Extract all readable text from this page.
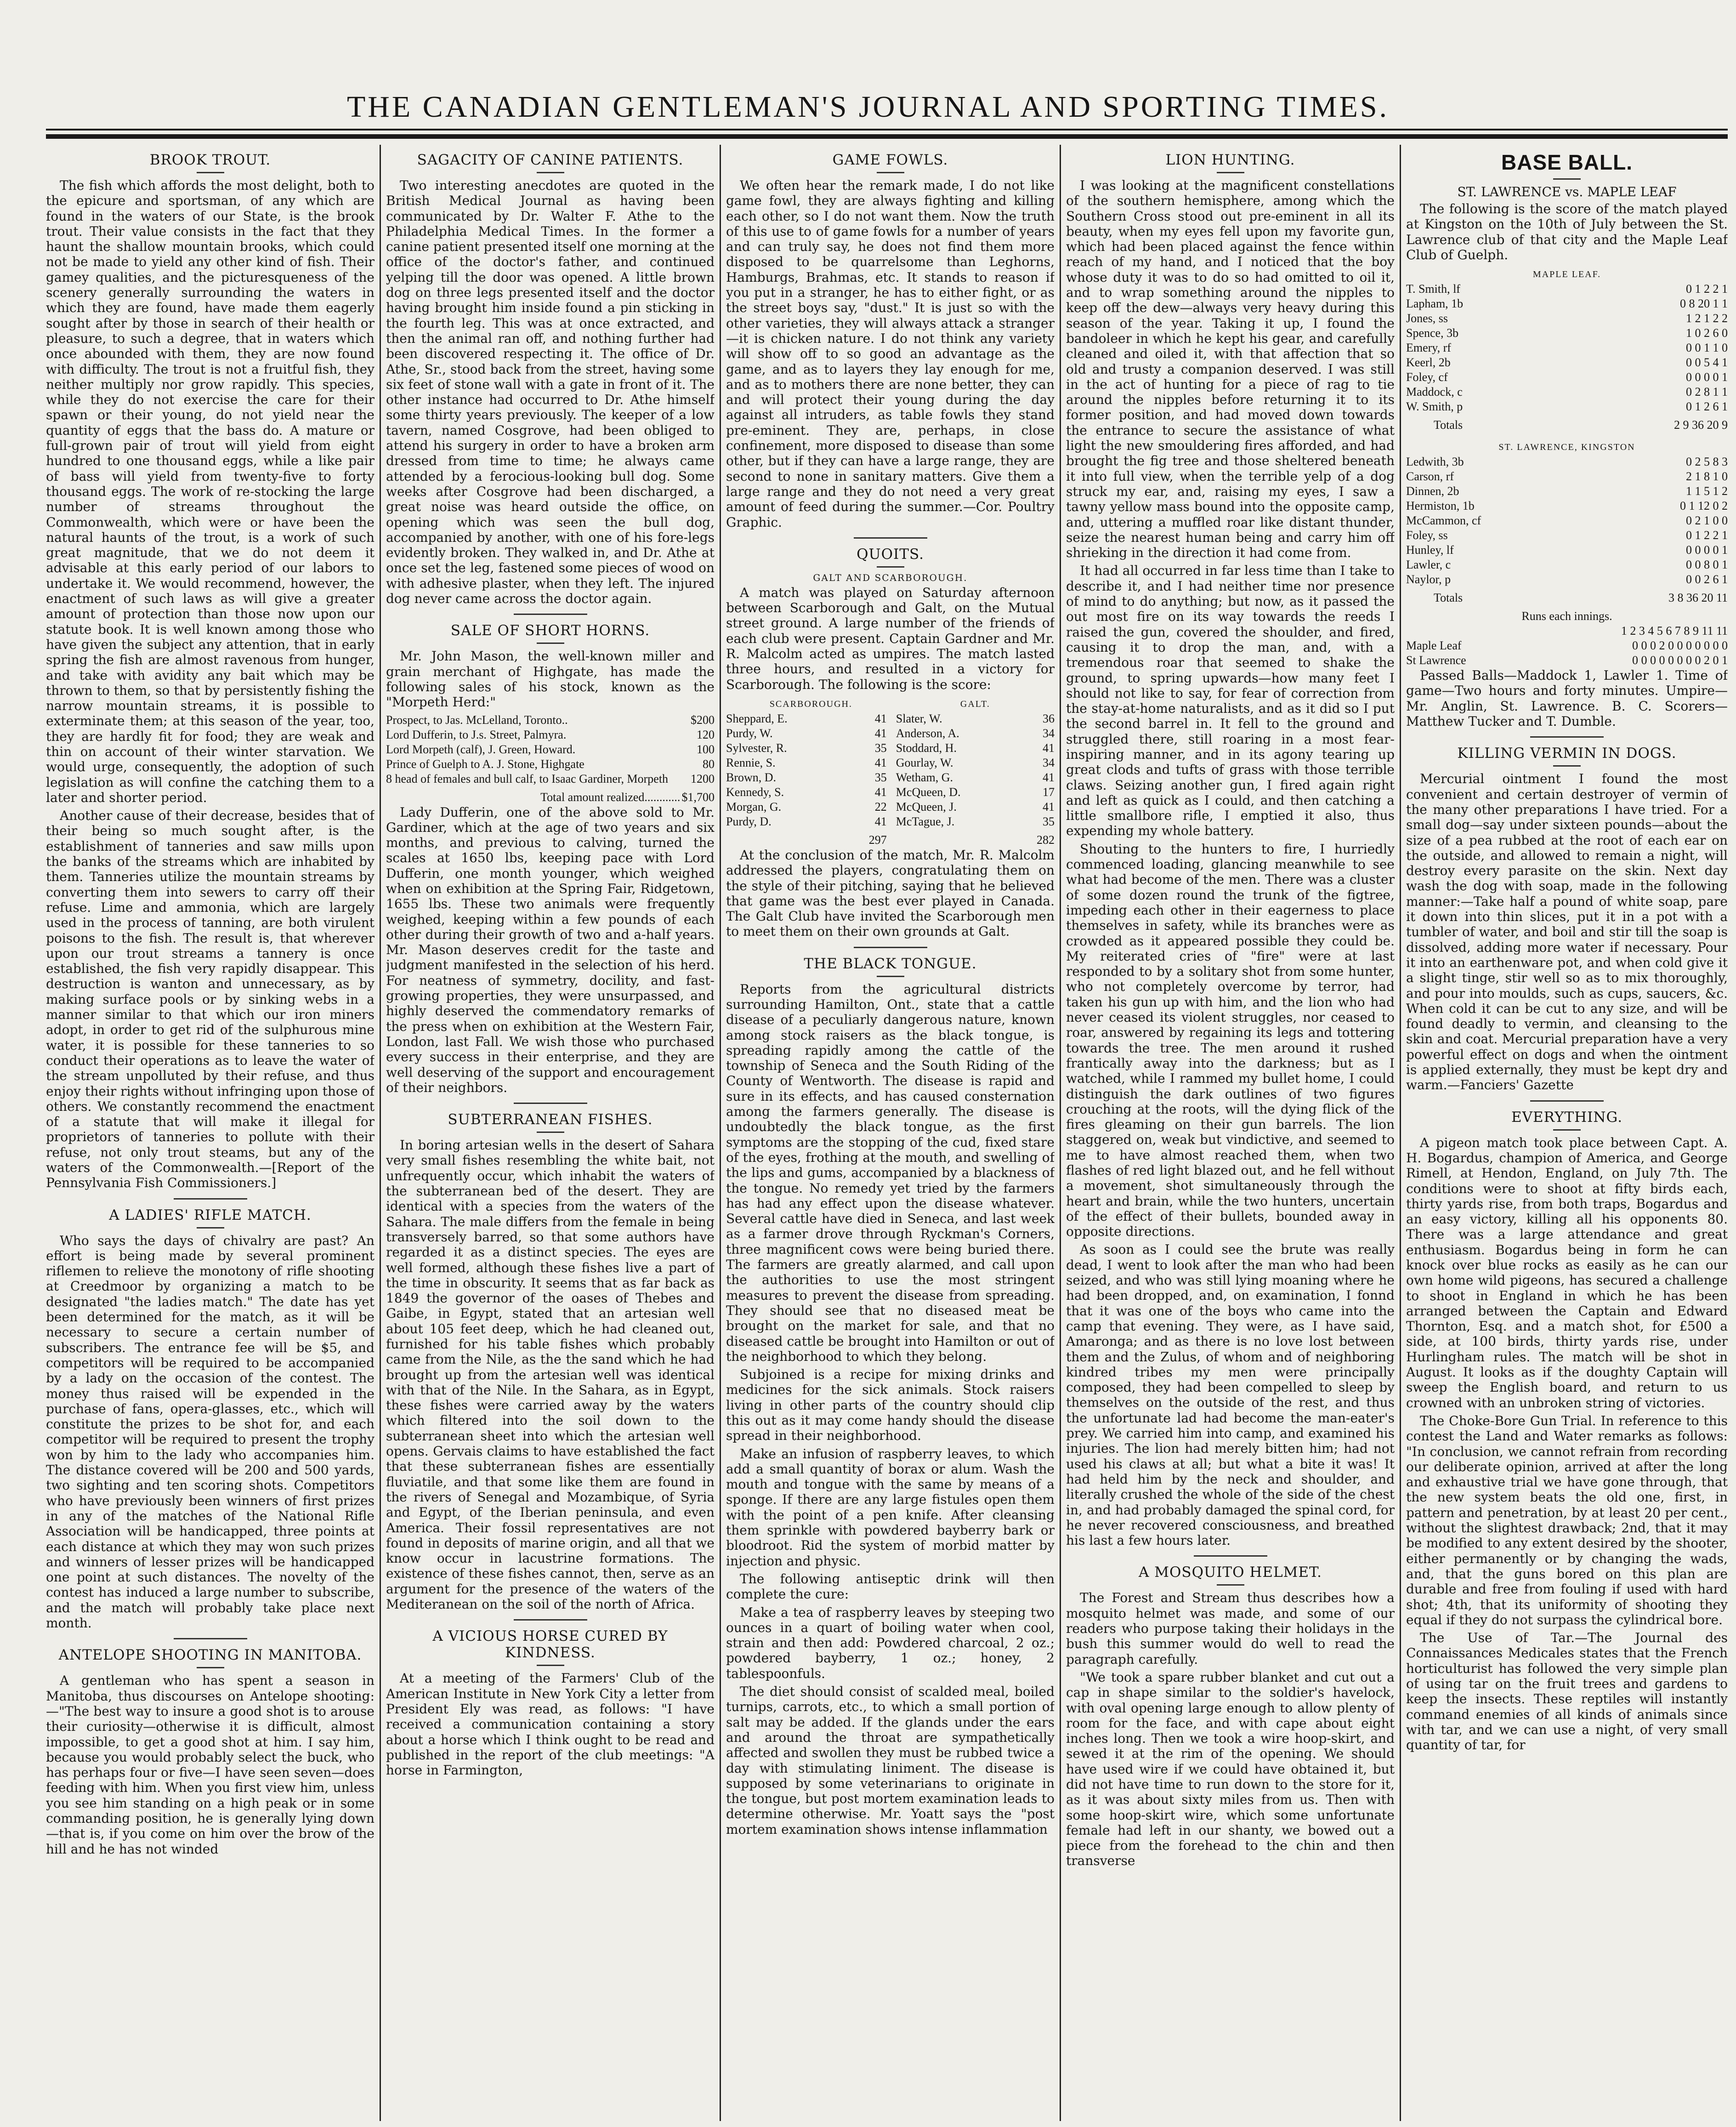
THE CANADIAN GENTLEMAN'S JOURNAL AND SPORTING TIMES.
BROOK TROUT.

The fish which affords the most delight, both to the epicure and sportsman, of any which are found in the waters of our State, is the brook trout. Their value consists in the fact that they haunt the shallow mountain brooks, which could not be made to yield any other kind of fish. Their gamey qualities, and the picturesqueness of the scenery generally surrounding the waters in which they are found, have made them eagerly sought after by those in search of their health or pleasure, to such a degree, that in waters which once abounded with them, they are now found with difficulty. The trout is not a fruitful fish, they neither multiply nor grow rapidly. This species, while they do not exercise the care for their spawn or their young, do not yield near the quantity of eggs that the bass do. A mature or full-grown pair of trout will yield from eight hundred to one thousand eggs, while a like pair of bass will yield from twenty-five to forty thousand eggs. The work of re-stocking the large number of streams throughout the Commonwealth, which were or have been the natural haunts of the trout, is a work of such great magnitude, that we do not deem it advisable at this early period of our labors to undertake it. We would recommend, however, the enactment of such laws as will give a greater amount of protection than those now upon our statute book. It is well known among those who have given the subject any attention, that in early spring the fish are almost ravenous from hunger, and take with avidity any bait which may be thrown to them, so that by persistently fishing the narrow mountain streams, it is possible to exterminate them; at this season of the year, too, they are hardly fit for food; they are weak and thin on account of their winter starvation. We would urge, consequently, the adoption of such legislation as will confine the catching them to a later and shorter period.

Another cause of their decrease, besides that of their being so much sought after, is the establishment of tanneries and saw mills upon the banks of the streams which are inhabited by them. Tanneries utilize the mountain streams by converting them into sewers to carry off their refuse. Lime and ammonia, which are largely used in the process of tanning, are both virulent poisons to the fish. The result is, that wherever upon our trout streams a tannery is once established, the fish very rapidly disappear. This destruction is wanton and unnecessary, as by making surface pools or by sinking webs in a manner similar to that which our iron miners adopt, in order to get rid of the sulphurous mine water, it is possible for these tanneries to so conduct their operations as to leave the water of the stream unpolluted by their refuse, and thus enjoy their rights without infringing upon those of others. We constantly recommend the enactment of a statute that will make it illegal for proprietors of tanneries to pollute with their refuse, not only trout steams, but any of the waters of the Commonwealth.—[Report of the Pennsylvania Fish Commissioners.]

A LADIES' RIFLE MATCH.

Who says the days of chivalry are past? An effort is being made by several prominent riflemen to relieve the monotony of rifle shooting at Creedmoor by organizing a match to be designated "the ladies match." The date has yet been determined for the match, as it will be necessary to secure a certain number of subscribers. The entrance fee will be $5, and competitors will be required to be accompanied by a lady on the occasion of the contest. The money thus raised will be expended in the purchase of fans, opera-glasses, etc., which will constitute the prizes to be shot for, and each competitor will be required to present the trophy won by him to the lady who accompanies him. The distance covered will be 200 and 500 yards, two sighting and ten scoring shots. Competitors who have previously been winners of first prizes in any of the matches of the National Rifle Association will be handicapped, three points at each distance at which they may won such prizes and winners of lesser prizes will be handicapped one point at such distances. The novelty of the contest has induced a large number to subscribe, and the match will probably take place next month.

ANTELOPE SHOOTING IN MANITOBA.

A gentleman who has spent a season in Manitoba, thus discourses on Antelope shooting:—"The best way to insure a good shot is to arouse their curiosity—otherwise it is difficult, almost impossible, to get a good shot at him. I say him, because you would probably select the buck, who has perhaps four or five—I have seen seven—does feeding with him. When you first view him, unless you see him standing on a high peak or in some commanding position, he is generally lying down—that is, if you come on him over the brow of the hill and he has not winded

SAGACITY OF CANINE PATIENTS.

Two interesting anecdotes are quoted in the British Medical Journal as having been communicated by Dr. Walter F. Athe to the Philadelphia Medical Times. In the former a canine patient presented itself one morning at the office of the doctor's father, and continued yelping till the door was opened. A little brown dog on three legs presented itself and the doctor having brought him inside found a pin sticking in the fourth leg. This was at once extracted, and then the animal ran off, and nothing further had been discovered respecting it. The office of Dr. Athe, Sr., stood back from the street, having some six feet of stone wall with a gate in front of it. The other instance had occurred to Dr. Athe himself some thirty years previously. The keeper of a low tavern, named Cosgrove, had been obliged to attend his surgery in order to have a broken arm dressed from time to time; he always came attended by a ferocious-looking bull dog. Some weeks after Cosgrove had been discharged, a great noise was heard outside the office, on opening which was seen the bull dog, accompanied by another, with one of his fore-legs evidently broken. They walked in, and Dr. Athe at once set the leg, fastened some pieces of wood on with adhesive plaster, when they left. The injured dog never came across the doctor again.

SALE OF SHORT HORNS.

Mr. John Mason, the well-known miller and grain merchant of Highgate, has made the following sales of his stock, known as the "Morpeth Herd:"

Prospect, to Jas. McLelland, Toronto..	$200
Lord Dufferin, to J.s. Street, Palmyra.	120
Lord Morpeth (calf), J. Green, Howard.	100
Prince of Guelph to A. J. Stone, Highgate	80
8 head of females and bull calf, to Isaac Gardiner, Morpeth	1200
Total amount realized............	$1,700

Lady Dufferin, one of the above sold to Mr. Gardiner, which at the age of two years and six months, and previous to calving, turned the scales at 1650 lbs, keeping pace with Lord Dufferin, one month younger, which weighed when on exhibition at the Spring Fair, Ridgetown, 1655 lbs. These two animals were frequently weighed, keeping within a few pounds of each other during their growth of two and a-half years. Mr. Mason deserves credit for the taste and judgment manifested in the selection of his herd. For neatness of symmetry, docility, and fast-growing properties, they were unsurpassed, and highly deserved the commendatory remarks of the press when on exhibition at the Western Fair, London, last Fall. We wish those who purchased every success in their enterprise, and they are well deserving of the support and encouragement of their neighbors.

SUBTERRANEAN FISHES.

In boring artesian wells in the desert of Sahara very small fishes resembling the white bait, not unfrequently occur, which inhabit the waters of the subterranean bed of the desert. They are identical with a species from the waters of the Sahara. The male differs from the female in being transversely barred, so that some authors have regarded it as a distinct species. The eyes are well formed, although these fishes live a part of the time in obscurity. It seems that as far back as 1849 the governor of the oases of Thebes and Gaibe, in Egypt, stated that an artesian well about 105 feet deep, which he had cleaned out, furnished for his table fishes which probably came from the Nile, as the the sand which he had brought up from the artesian well was identical with that of the Nile. In the Sahara, as in Egypt, these fishes were carried away by the waters which filtered into the soil down to the subterranean sheet into which the artesian well opens. Gervais claims to have established the fact that these subterranean fishes are essentially fluviatile, and that some like them are found in the rivers of Senegal and Mozambique, of Syria and Egypt, of the Iberian peninsula, and even America. Their fossil representatives are not found in deposits of marine origin, and all that we know occur in lacustrine formations. The existence of these fishes cannot, then, serve as an argument for the presence of the waters of the Mediteranean on the soil of the north of Africa.

A VICIOUS HORSE CURED BY KINDNESS.

At a meeting of the Farmers' Club of the American Institute in New York City a letter from President Ely was read, as follows: "I have received a communication containing a story about a horse which I think ought to be read and published in the report of the club meetings: "A horse in Farmington,

GAME FOWLS.

We often hear the remark made, I do not like game fowl, they are always fighting and killing each other, so I do not want them. Now the truth of this use to of game fowls for a number of years and can truly say, he does not find them more disposed to be quarrelsome than Leghorns, Hamburgs, Brahmas, etc. It stands to reason if you put in a stranger, he has to either fight, or as the street boys say, "dust." It is just so with the other varieties, they will always attack a stranger—it is chicken nature. I do not think any variety will show off to so good an advantage as the game, and as to layers they lay enough for me, and as to mothers there are none better, they can and will protect their young during the day against all intruders, as table fowls they stand pre-eminent. They are, perhaps, in close confinement, more disposed to disease than some other, but if they can have a large range, they are second to none in sanitary matters. Give them a large range and they do not need a very great amount of feed during the summer.—Cor. Poultry Graphic.

QUOITS.
GALT AND SCARBOROUGH.

A match was played on Saturday afternoon between Scarborough and Galt, on the Mutual street ground. A large number of the friends of each club were present. Captain Gardner and Mr. R. Malcolm acted as umpires. The match lasted three hours, and resulted in a victory for Scarborough. The following is the score:

SCARBOROUGH.		GALT.	
Sheppard, E.	41	Slater, W.	36
Purdy, W.	41	Anderson, A.	34
Sylvester, R.	35	Stoddard, H.	41
Rennie, S.	41	Gourlay, W.	34
Brown, D.	35	Wetham, G.	41
Kennedy, S.	41	McQueen, D.	17
Morgan, G.	22	McQueen, J.	41
Purdy, D.	41	McTague, J.	35
	297		282

At the conclusion of the match, Mr. R. Malcolm addressed the players, congratulating them on the style of their pitching, saying that he believed that game was the best ever played in Canada. The Galt Club have invited the Scarborough men to meet them on their own grounds at Galt.

THE BLACK TONGUE.

Reports from the agricultural districts surrounding Hamilton, Ont., state that a cattle disease of a peculiarly dangerous nature, known among stock raisers as the black tongue, is spreading rapidly among the cattle of the township of Seneca and the South Riding of the County of Wentworth. The disease is rapid and sure in its effects, and has caused consternation among the farmers generally. The disease is undoubtedly the black tongue, as the first symptoms are the stopping of the cud, fixed stare of the eyes, frothing at the mouth, and swelling of the lips and gums, accompanied by a blackness of the tongue. No remedy yet tried by the farmers has had any effect upon the disease whatever. Several cattle have died in Seneca, and last week as a farmer drove through Ryckman's Corners, three magnificent cows were being buried there. The farmers are greatly alarmed, and call upon the authorities to use the most stringent measures to prevent the disease from spreading. They should see that no diseased meat be brought on the market for sale, and that no diseased cattle be brought into Hamilton or out of the neighborhood to which they belong.

Subjoined is a recipe for mixing drinks and medicines for the sick animals. Stock raisers living in other parts of the country should clip this out as it may come handy should the disease spread in their neighborhood.

Make an infusion of raspberry leaves, to which add a small quantity of borax or alum. Wash the mouth and tongue with the same by means of a sponge. If there are any large fistules open them with the point of a pen knife. After cleansing them sprinkle with powdered bayberry bark or bloodroot. Rid the system of morbid matter by injection and physic.

The following antiseptic drink will then complete the cure:

Make a tea of raspberry leaves by steeping two ounces in a quart of boiling water when cool, strain and then add: Powdered charcoal, 2 oz.; powdered bayberry, 1 oz.; honey, 2 tablespoonfuls.

The diet should consist of scalded meal, boiled turnips, carrots, etc., to which a small portion of salt may be added. If the glands under the ears and around the throat are sympathetically affected and swollen they must be rubbed twice a day with stimulating liniment. The disease is supposed by some veterinarians to originate in the tongue, but post mortem examination leads to determine otherwise. Mr. Yoatt says the "post mortem examination shows intense inflammation

LION HUNTING.

I was looking at the magnificent constellations of the southern hemisphere, among which the Southern Cross stood out pre-eminent in all its beauty, when my eyes fell upon my favorite gun, which had been placed against the fence within reach of my hand, and I noticed that the boy whose duty it was to do so had omitted to oil it, and to wrap something around the nipples to keep off the dew—always very heavy during this season of the year. Taking it up, I found the bandoleer in which he kept his gear, and carefully cleaned and oiled it, with that affection that so old and trusty a companion deserved. I was still in the act of hunting for a piece of rag to tie around the nipples before returning it to its former position, and had moved down towards the entrance to secure the assistance of what light the new smouldering fires afforded, and had brought the fig tree and those sheltered beneath it into full view, when the terrible yelp of a dog struck my ear, and, raising my eyes, I saw a tawny yellow mass bound into the opposite camp, and, uttering a muffled roar like distant thunder, seize the nearest human being and carry him off shrieking in the direction it had come from.

It had all occurred in far less time than I take to describe it, and I had neither time nor presence of mind to do anything; but now, as it passed the out most fire on its way towards the reeds I raised the gun, covered the shoulder, and fired, causing it to drop the man, and, with a tremendous roar that seemed to shake the ground, to spring upwards—how many feet I should not like to say, for fear of correction from the stay-at-home naturalists, and as it did so I put the second barrel in. It fell to the ground and struggled there, still roaring in a most fear-inspiring manner, and in its agony tearing up great clods and tufts of grass with those terrible claws. Seizing another gun, I fired again right and left as quick as I could, and then catching a little smallbore rifle, I emptied it also, thus expending my whole battery.

Shouting to the hunters to fire, I hurriedly commenced loading, glancing meanwhile to see what had become of the men. There was a cluster of some dozen round the trunk of the figtree, impeding each other in their eagerness to place themselves in safety, while its branches were as crowded as it appeared possible they could be. My reiterated cries of "fire" were at last responded to by a solitary shot from some hunter, who not completely overcome by terror, had taken his gun up with him, and the lion who had never ceased its violent struggles, nor ceased to roar, answered by regaining its legs and tottering towards the tree. The men around it rushed frantically away into the darkness; but as I watched, while I rammed my bullet home, I could distinguish the dark outlines of two figures crouching at the roots, will the dying flick of the fires gleaming on their gun barrels. The lion staggered on, weak but vindictive, and seemed to me to have almost reached them, when two flashes of red light blazed out, and he fell without a movement, shot simultaneously through the heart and brain, while the two hunters, uncertain of the effect of their bullets, bounded away in opposite directions.

As soon as I could see the brute was really dead, I went to look after the man who had been seized, and who was still lying moaning where he had been dropped, and, on examination, I fonnd that it was one of the boys who came into the camp that evening. They were, as I have said, Amaronga; and as there is no love lost between them and the Zulus, of whom and of neighboring kindred tribes my men were principally composed, they had been compelled to sleep by themselves on the outside of the rest, and thus the unfortunate lad had become the man-eater's prey. We carried him into camp, and examined his injuries. The lion had merely bitten him; had not used his claws at all; but what a bite it was! It had held him by the neck and shoulder, and literally crushed the whole of the side of the chest in, and had probably damaged the spinal cord, for he never recovered consciousness, and breathed his last a few hours later.

A MOSQUITO HELMET.

The Forest and Stream thus describes how a mosquito helmet was made, and some of our readers who purpose taking their holidays in the bush this summer would do well to read the paragraph carefully.

"We took a spare rubber blanket and cut out a cap in shape similar to the soldier's havelock, with oval opening large enough to allow plenty of room for the face, and with cape about eight inches long. Then we took a wire hoop-skirt, and sewed it at the rim of the opening. We should have used wire if we could have obtained it, but did not have time to run down to the store for it, as it was about sixty miles from us. Then with some hoop-skirt wire, which some unfortunate female had left in our shanty, we bowed out a piece from the forehead to the chin and then transverse

BASE BALL.
ST. LAWRENCE vs. MAPLE LEAF

The following is the score of the match played at Kingston on the 10th of July between the St. Lawrence club of that city and the Maple Leaf Club of Guelph.

MAPLE LEAF.	
T. Smith, lf	0 1 2 2 1
Lapham, 1b	0 8 20 1 1
Jones, ss	1 2 1 2 2
Spence, 3b	1 0 2 6 0
Emery, rf	0 0 1 1 0
Keerl, 2b	0 0 5 4 1
Foley, cf	0 0 0 0 1
Maddock, c	0 2 8 1 1
W. Smith, p	0 1 2 6 1
Totals	2 9 36 20 9
ST. LAWRENCE, KINGSTON	
Ledwith, 3b	0 2 5 8 3
Carson, rf	2 1 8 1 0
Dinnen, 2b	1 1 5 1 2
Hermiston, 1b	0 1 12 0 2
McCammon, cf	0 2 1 0 0
Foley, ss	0 1 2 2 1
Hunley, lf	0 0 0 0 1
Lawler, c	0 0 8 0 1
Naylor, p	0 0 2 6 1
Totals	3 8 36 20 11
Runs each innings.	
	1 2 3 4 5 6 7 8 9 11 11
Maple Leaf	0 0 0 2 0 0 0 0 0 0 0
St Lawrence	0 0 0 0 0 0 0 0 2 0 1

Passed Balls—Maddock 1, Lawler 1. Time of game—Two hours and forty minutes. Umpire—Mr. Anglin, St. Lawrence. B. C. Scorers—Matthew Tucker and T. Dumble.

KILLING VERMIN IN DOGS.

Mercurial ointment I found the most convenient and certain destroyer of vermin of the many other preparations I have tried. For a small dog—say under sixteen pounds—about the size of a pea rubbed at the root of each ear on the outside, and allowed to remain a night, will destroy every parasite on the skin. Next day wash the dog with soap, made in the following manner:—Take half a pound of white soap, pare it down into thin slices, put it in a pot with a tumbler of water, and boil and stir till the soap is dissolved, adding more water if necessary. Pour it into an earthenware pot, and when cold give it a slight tinge, stir well so as to mix thoroughly, and pour into moulds, such as cups, saucers, &c. When cold it can be cut to any size, and will be found deadly to vermin, and cleansing to the skin and coat. Mercurial preparation have a very powerful effect on dogs and when the ointment is applied externally, they must be kept dry and warm.—Fanciers' Gazette

EVERYTHING.

A pigeon match took place between Capt. A. H. Bogardus, champion of America, and George Rimell, at Hendon, England, on July 7th. The conditions were to shoot at fifty birds each, thirty yards rise, from both traps, Bogardus and an easy victory, killing all his opponents 80. There was a large attendance and great enthusiasm. Bogardus being in form he can knock over blue rocks as easily as he can our own home wild pigeons, has secured a challenge to shoot in England in which he has been arranged between the Captain and Edward Thornton, Esq. and a match shot, for £500 a side, at 100 birds, thirty yards rise, under Hurlingham rules. The match will be shot in August. It looks as if the doughty Captain will sweep the English board, and return to us crowned with an unbroken string of victories.

The Choke-Bore Gun Trial. In reference to this contest the Land and Water remarks as follows: "In conclusion, we cannot refrain from recording our deliberate opinion, arrived at after the long and exhaustive trial we have gone through, that the new system beats the old one, first, in pattern and penetration, by at least 20 per cent., without the slightest drawback; 2nd, that it may be modified to any extent desired by the shooter, either permanently or by changing the wads, and, that the guns bored on this plan are durable and free from fouling if used with hard shot; 4th, that its uniformity of shooting they equal if they do not surpass the cylindrical bore.

The Use of Tar.—The Journal des Connaissances Medicales states that the French horticulturist has followed the very simple plan of using tar on the fruit trees and gardens to keep the insects. These reptiles will instantly command enemies of all kinds of animals since with tar, and we can use a night, of very small quantity of tar, for
